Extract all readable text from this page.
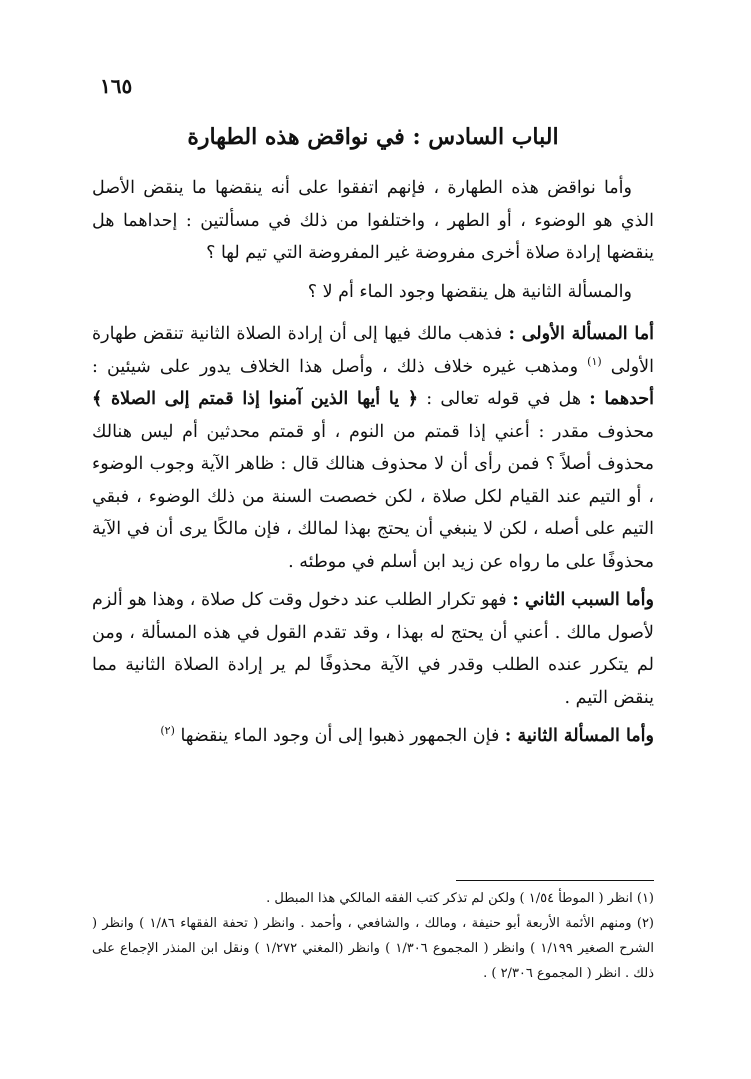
١٦٥
الباب السادس : في نواقض هذه الطهارة

وأما نواقض هذه الطهارة ، فإنهم اتفقوا على أنه ينقضها ما ينقض الأصل الذي هو الوضوء ، أو الطهر ، واختلفوا من ذلك في مسألتين : إحداهما هل ينقضها إرادة صلاة أخرى مفروضة غير المفروضة التي تيم لها ؟

والمسألة الثانية هل ينقضها وجود الماء أم لا ؟

أما المسألة الأولى : فذهب مالك فيها إلى أن إرادة الصلاة الثانية تنقض طهارة الأولى $^{(١)}$ ومذهب غيره خلاف ذلك ، وأصل هذا الخلاف يدور على شيئين : أحدهما : هل في قوله تعالى : ﴿ يا أيها الذين آمنوا إذا قمتم إلى الصلاة ﴾ محذوف مقدر : أعني إذا قمتم من النوم ، أو قمتم محدثين أم ليس هنالك محذوف أصلاً ؟ فمن رأى أن لا محذوف هنالك قال : ظاهر الآية وجوب الوضوء ، أو التيم عند القيام لكل صلاة ، لكن خصصت السنة من ذلك الوضوء ، فبقي التيم على أصله ، لكن لا ينبغي أن يحتج بهذا لمالك ، فإن مالكًا يرى أن في الآية محذوفًا على ما رواه عن زيد ابن أسلم في موطئه .

وأما السبب الثاني : فهو تكرار الطلب عند دخول وقت كل صلاة ، وهذا هو ألزم لأصول مالك . أعني أن يحتج له بهذا ، وقد تقدم القول في هذه المسألة ، ومن لم يتكرر عنده الطلب وقدر في الآية محذوفًا لم ير إرادة الصلاة الثانية مما ينقض التيم .

وأما المسألة الثانية : فإن الجمهور ذهبوا إلى أن وجود الماء ينقضها $^{(٢)}$

(١) انظر ( الموطأ ١/٥٤ ) ولكن لم تذكر كتب الفقه المالكي هذا المبطل .

(٢) ومنهم الأئمة الأربعة أبو حنيفة ، ومالك ، والشافعي ، وأحمد . وانظر ( تحفة الفقهاء ١/٨٦ ) وانظر ( الشرح الصغير ١/١٩٩ ) وانظر ( المجموع ١/٣٠٦ ) وانظر (المغني ١/٢٧٢ ) ونقل ابن المنذر الإجماع على ذلك . انظر ( المجموع ٢/٣٠٦ ) .
